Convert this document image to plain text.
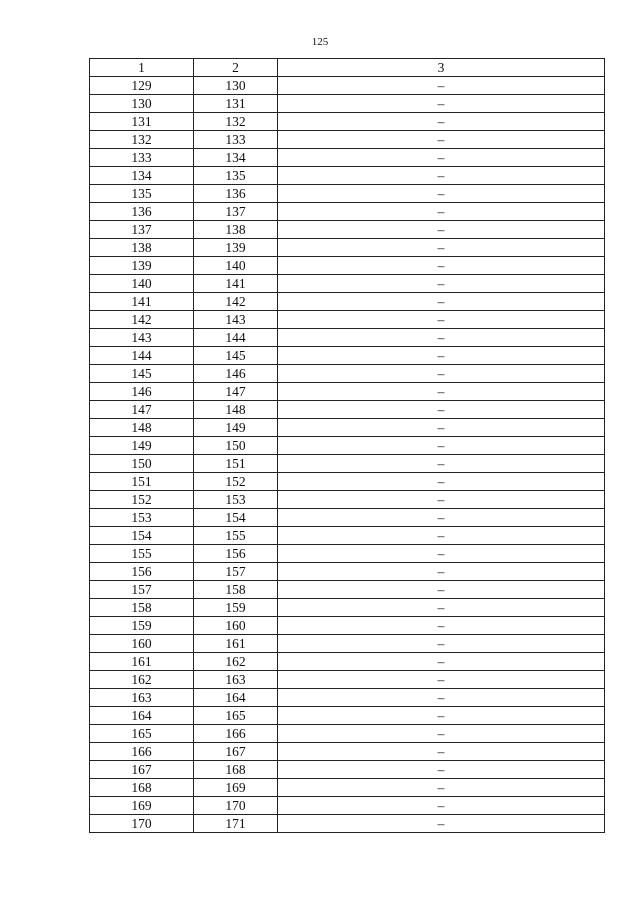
125
1	2	3
129	130	–
130	131	–
131	132	–
132	133	–
133	134	–
134	135	–
135	136	–
136	137	–
137	138	–
138	139	–
139	140	–
140	141	–
141	142	–
142	143	–
143	144	–
144	145	–
145	146	–
146	147	–
147	148	–
148	149	–
149	150	–
150	151	–
151	152	–
152	153	–
153	154	–
154	155	–
155	156	–
156	157	–
157	158	–
158	159	–
159	160	–
160	161	–
161	162	–
162	163	–
163	164	–
164	165	–
165	166	–
166	167	–
167	168	–
168	169	–
169	170	–
170	171	–
